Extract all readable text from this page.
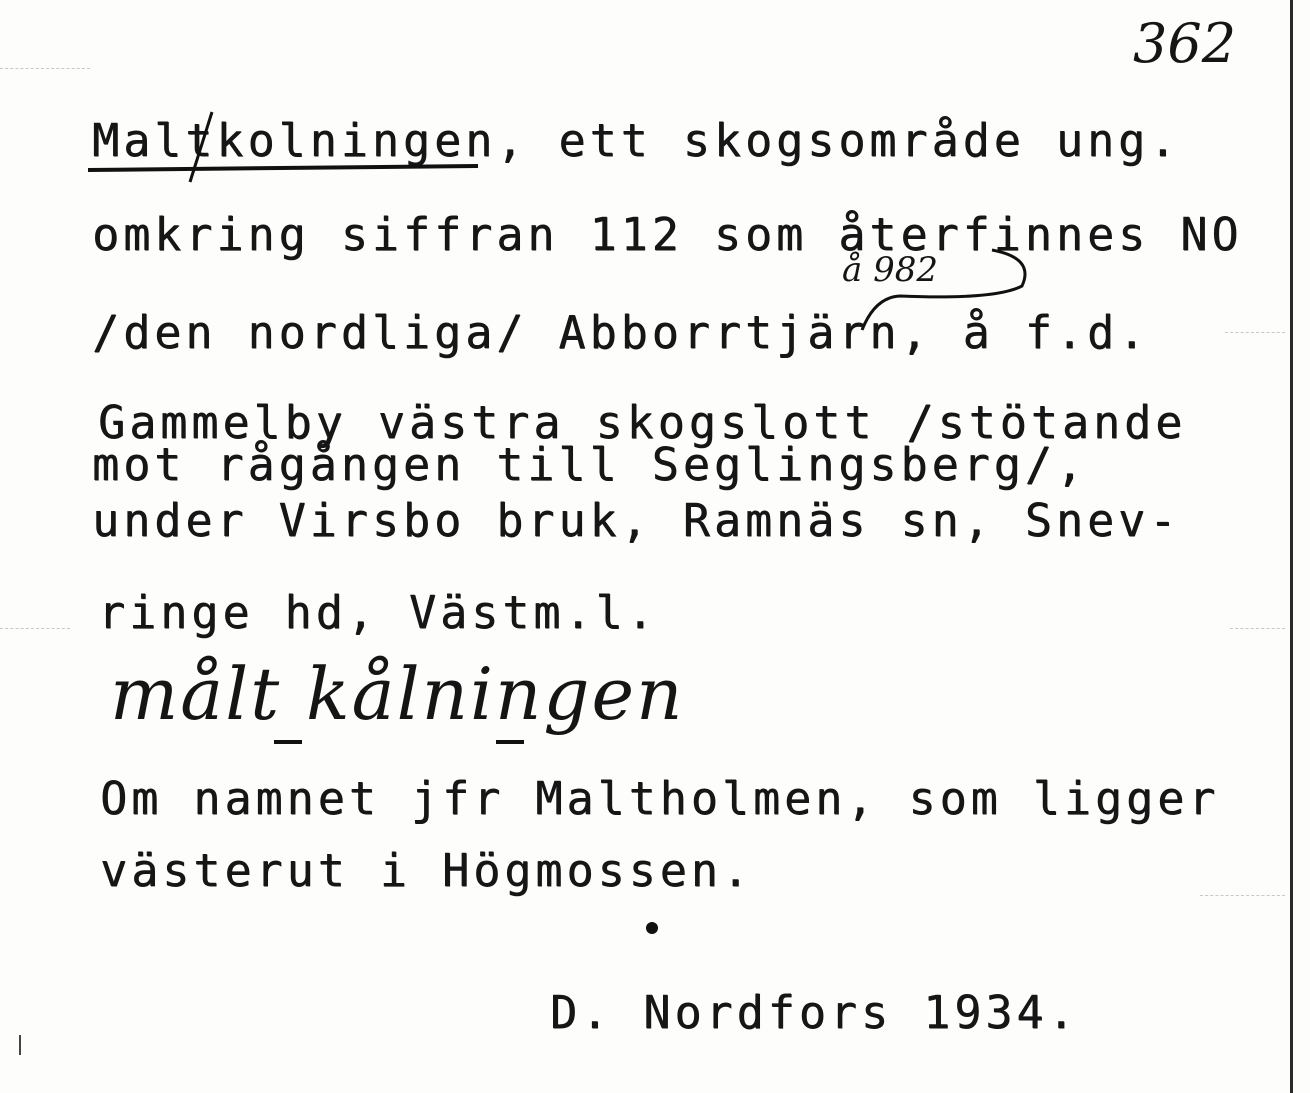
362
Maltkolningen, ett skogsområde ung.
omkring siffran 112 som återfinnes NO
å 982
/den nordliga/ Abborrtjärn, å f.d.
Gammelby västra skogslott /stötande
mot rågången till Seglingsberg/,
under Virsbo bruk, Ramnäs sn, Snev-
ringe hd, Västm.l.
målt kålningen
Om namnet jfr Maltholmen, som ligger
västerut i Högmossen.
D. Nordfors 1934.
